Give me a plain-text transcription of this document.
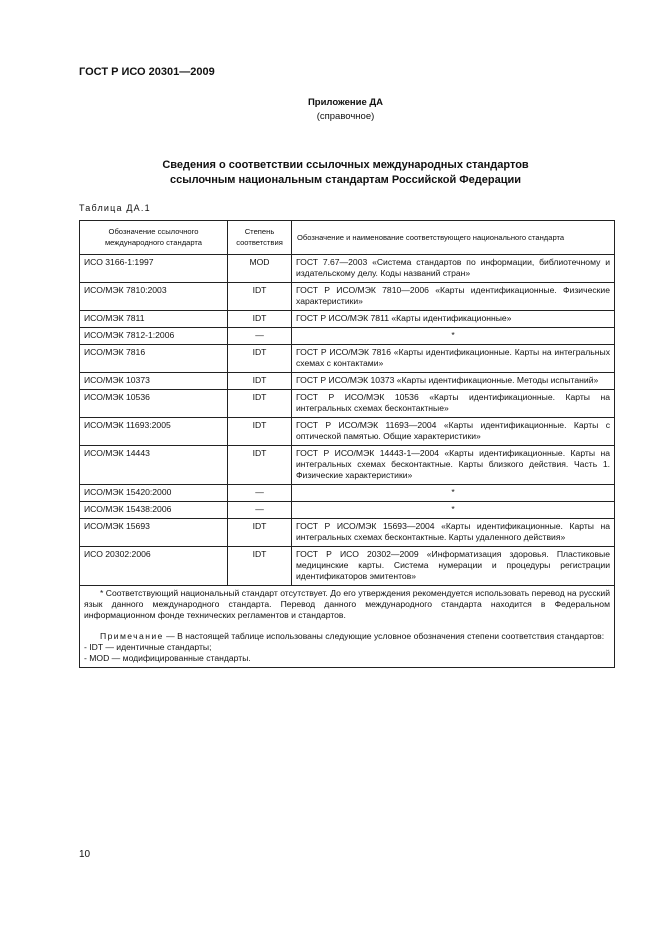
ГОСТ Р ИСО 20301—2009
Приложение ДА
(справочное)
Сведения о соответствии ссылочных международных стандартов
ссылочным национальным стандартам Российской Федерации
Таблица ДА.1
Обозначение ссылочного международного стандарта	Степень соответствия	Обозначение и наименование соответствующего национального стандарта
ИСО 3166-1:1997	MOD	ГОСТ 7.67—2003 «Система стандартов по информации, библиотечному и издательскому делу. Коды названий стран»
ИСО/МЭК 7810:2003	IDT	ГОСТ Р ИСО/МЭК 7810—2006 «Карты идентификационные. Физические характеристики»
ИСО/МЭК 7811	IDT	ГОСТ Р ИСО/МЭК 7811 «Карты идентификационные»
ИСО/МЭК 7812-1:2006	—	*
ИСО/МЭК 7816	IDT	ГОСТ Р ИСО/МЭК 7816 «Карты идентификационные. Карты на интегральных схемах с контактами»
ИСО/МЭК 10373	IDT	ГОСТ Р ИСО/МЭК 10373 «Карты идентификационные. Методы испытаний»
ИСО/МЭК 10536	IDT	ГОСТ Р ИСО/МЭК 10536 «Карты идентификационные. Карты на интегральных схемах бесконтактные»
ИСО/МЭК 11693:2005	IDT	ГОСТ Р ИСО/МЭК 11693—2004 «Карты идентификационные. Карты с оптической памятью. Общие характеристики»
ИСО/МЭК 14443	IDT	ГОСТ Р ИСО/МЭК 14443-1—2004 «Карты идентификационные. Карты на интегральных схемах бесконтактные. Карты близкого действия. Часть 1. Физические характеристики»
ИСО/МЭК 15420:2000	—	*
ИСО/МЭК 15438:2006	—	*
ИСО/МЭК 15693	IDT	ГОСТ Р ИСО/МЭК 15693—2004 «Карты идентификационные. Карты на интегральных схемах бесконтактные. Карты удаленного действия»
ИСО 20302:2006	IDT	ГОСТ Р ИСО 20302—2009 «Информатизация здоровья. Пластиковые медицинские карты. Система нумерации и процедуры регистрации идентификаторов эмитентов»

* Соответствующий национальный стандарт отсутствует. До его утверждения рекомендуется использовать перевод на русский язык данного международного стандарта. Перевод данного международного стандарта находится в Федеральном информационном фонде технических регламентов и стандартов.

Примечание — В настоящей таблице использованы следующие условное обозначения степени соответствия стандартов:

- IDT — идентичные стандарты;

- MOD — модифицированные стандарты.		

10
